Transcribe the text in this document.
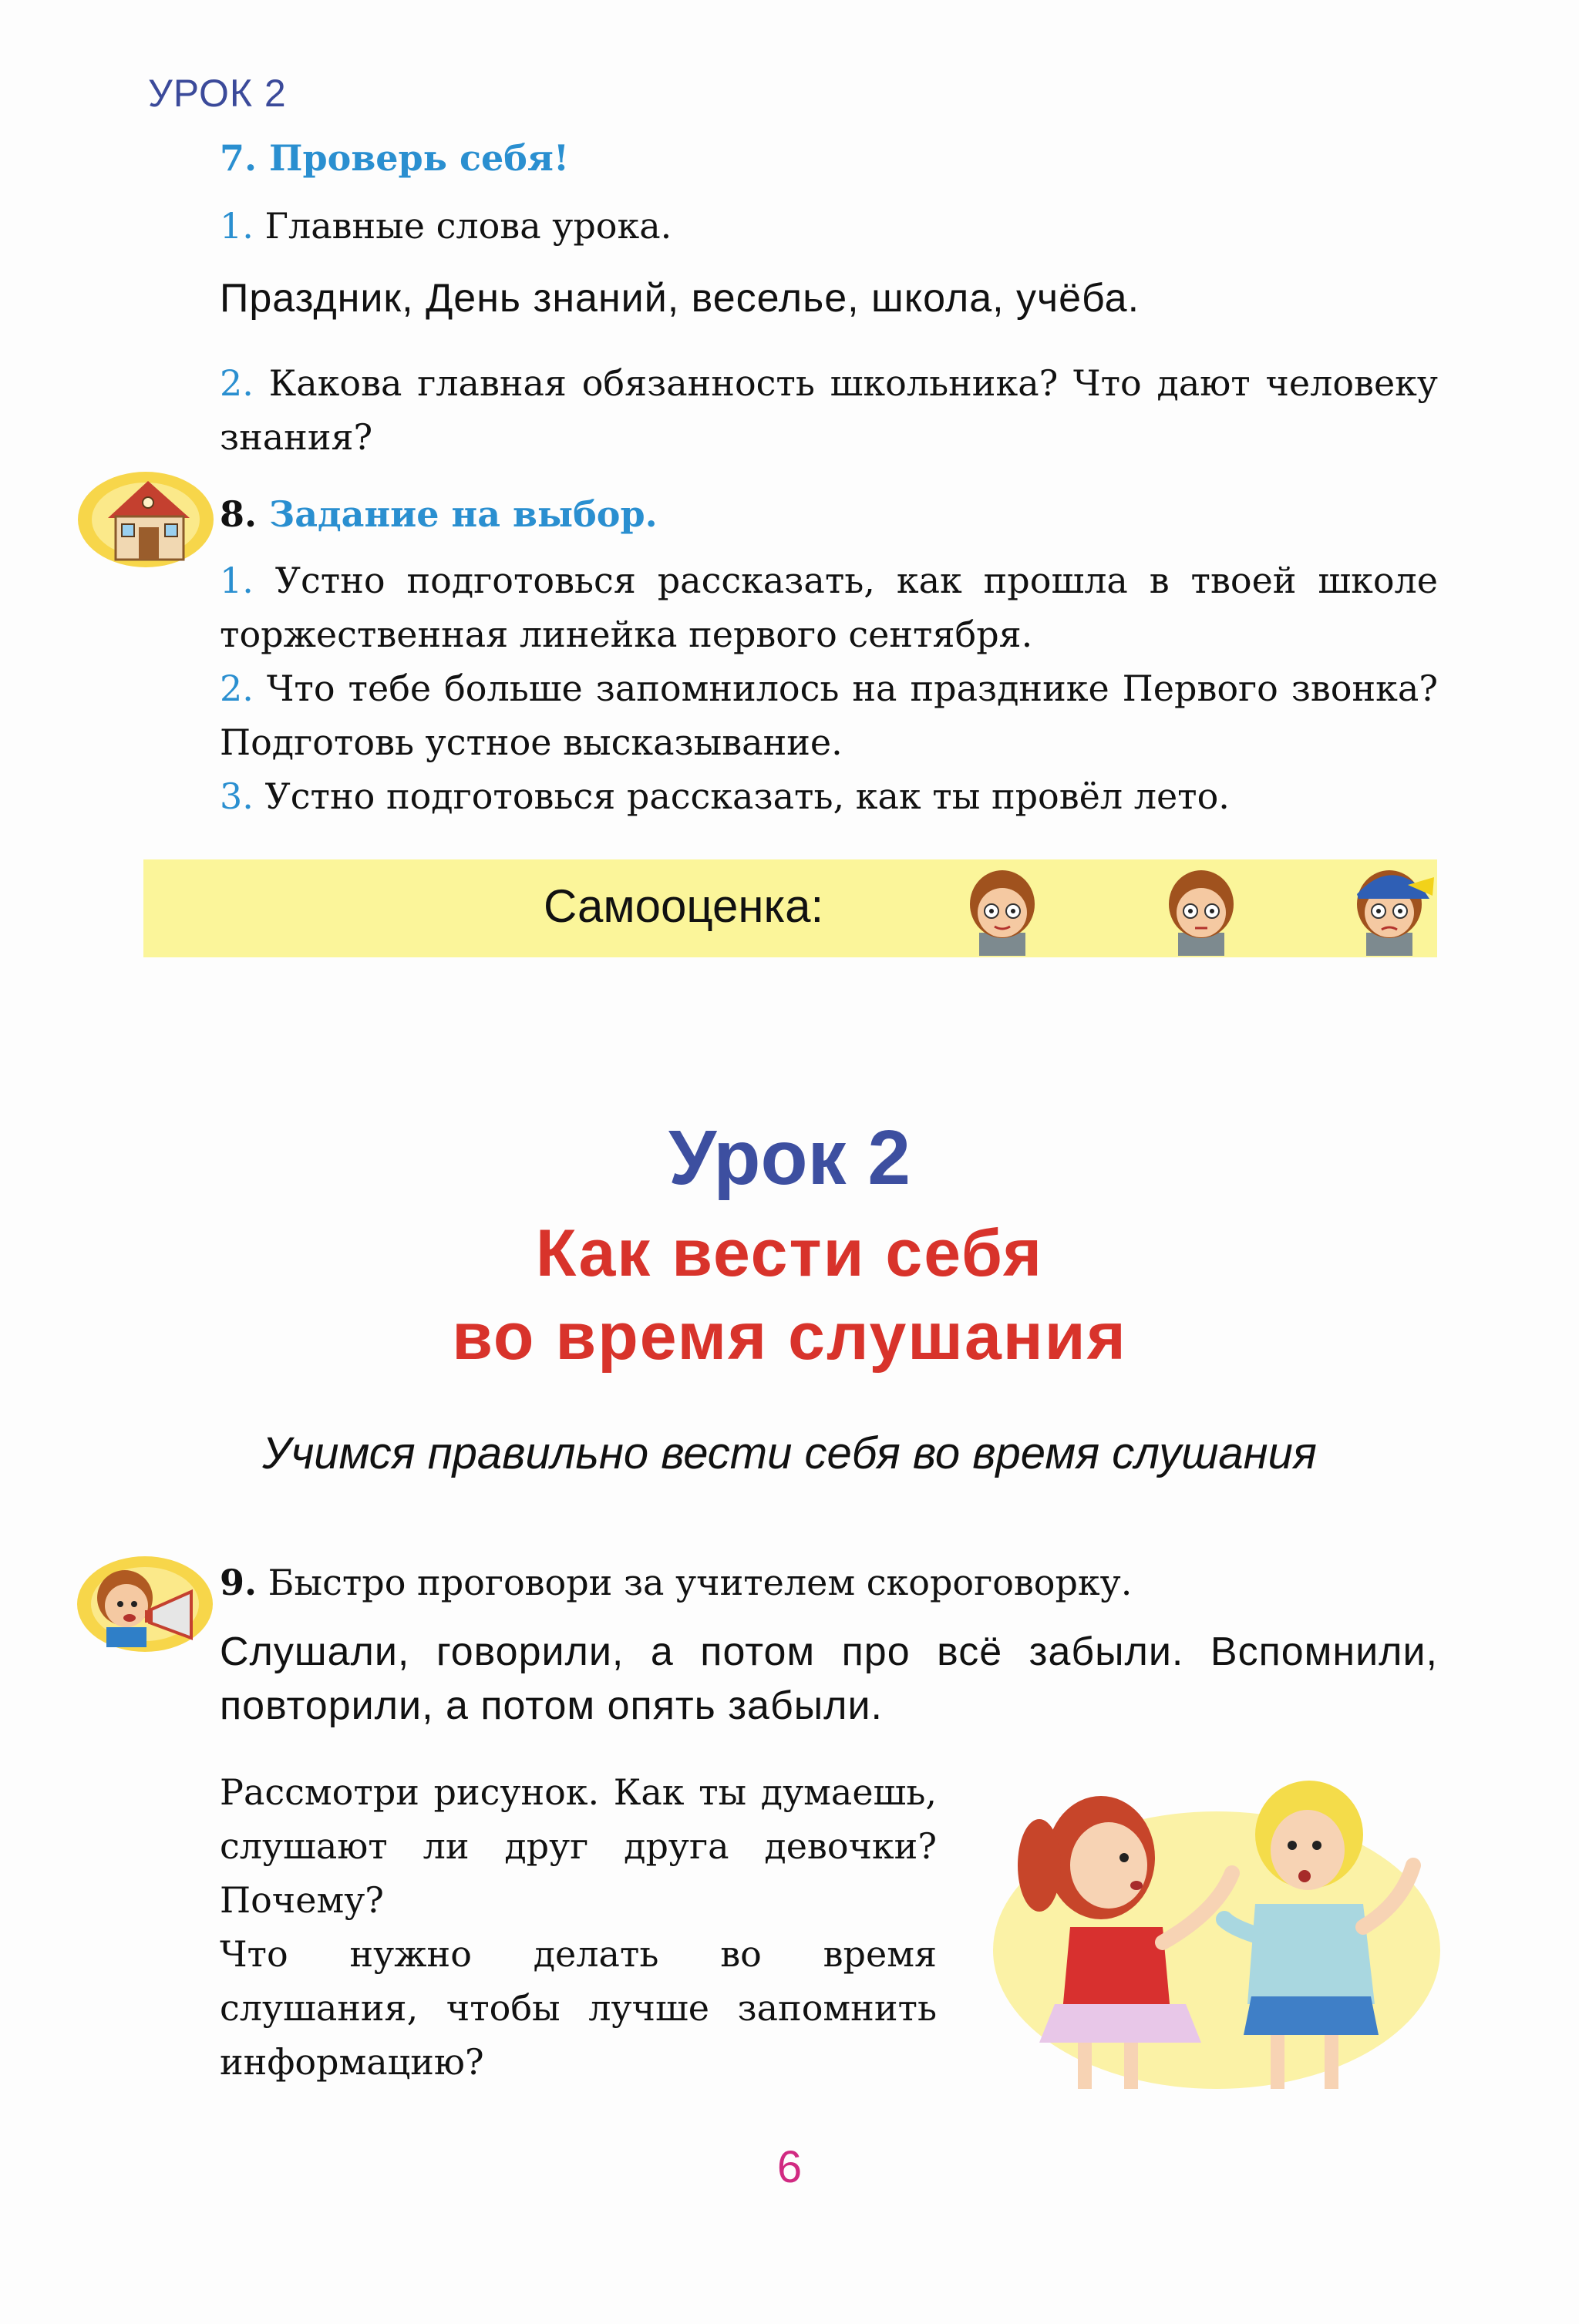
УРОК 2
7. Проверь себя!
1. Главные слова урока.
Праздник, День знаний, веселье, школа, учёба.
2. Какова главная обязанность школьника? Что дают человеку знания?
8. Задание на выбор.
1. Устно подготовься рассказать, как прошла в твоей школе торжественная линейка первого сентября.
2. Что тебе больше запомнилось на празднике Первого звонка? Подготовь устное высказывание.
3. Устно подготовься рассказать, как ты провёл лето.
Самооценка:
Урок 2
Как вести себя
во время слушания
Учимся правильно вести себя во время слушания
9. Быстро проговори за учителем скороговорку.
Слушали, говорили, а потом про всё забыли. Вспомнили, повторили, а потом опять забыли.
Рассмотри рисунок. Как ты думаешь, слушают ли друг друга девочки? Почему?
Что нужно делать во время слушания, чтобы лучше запомнить информацию?
6
